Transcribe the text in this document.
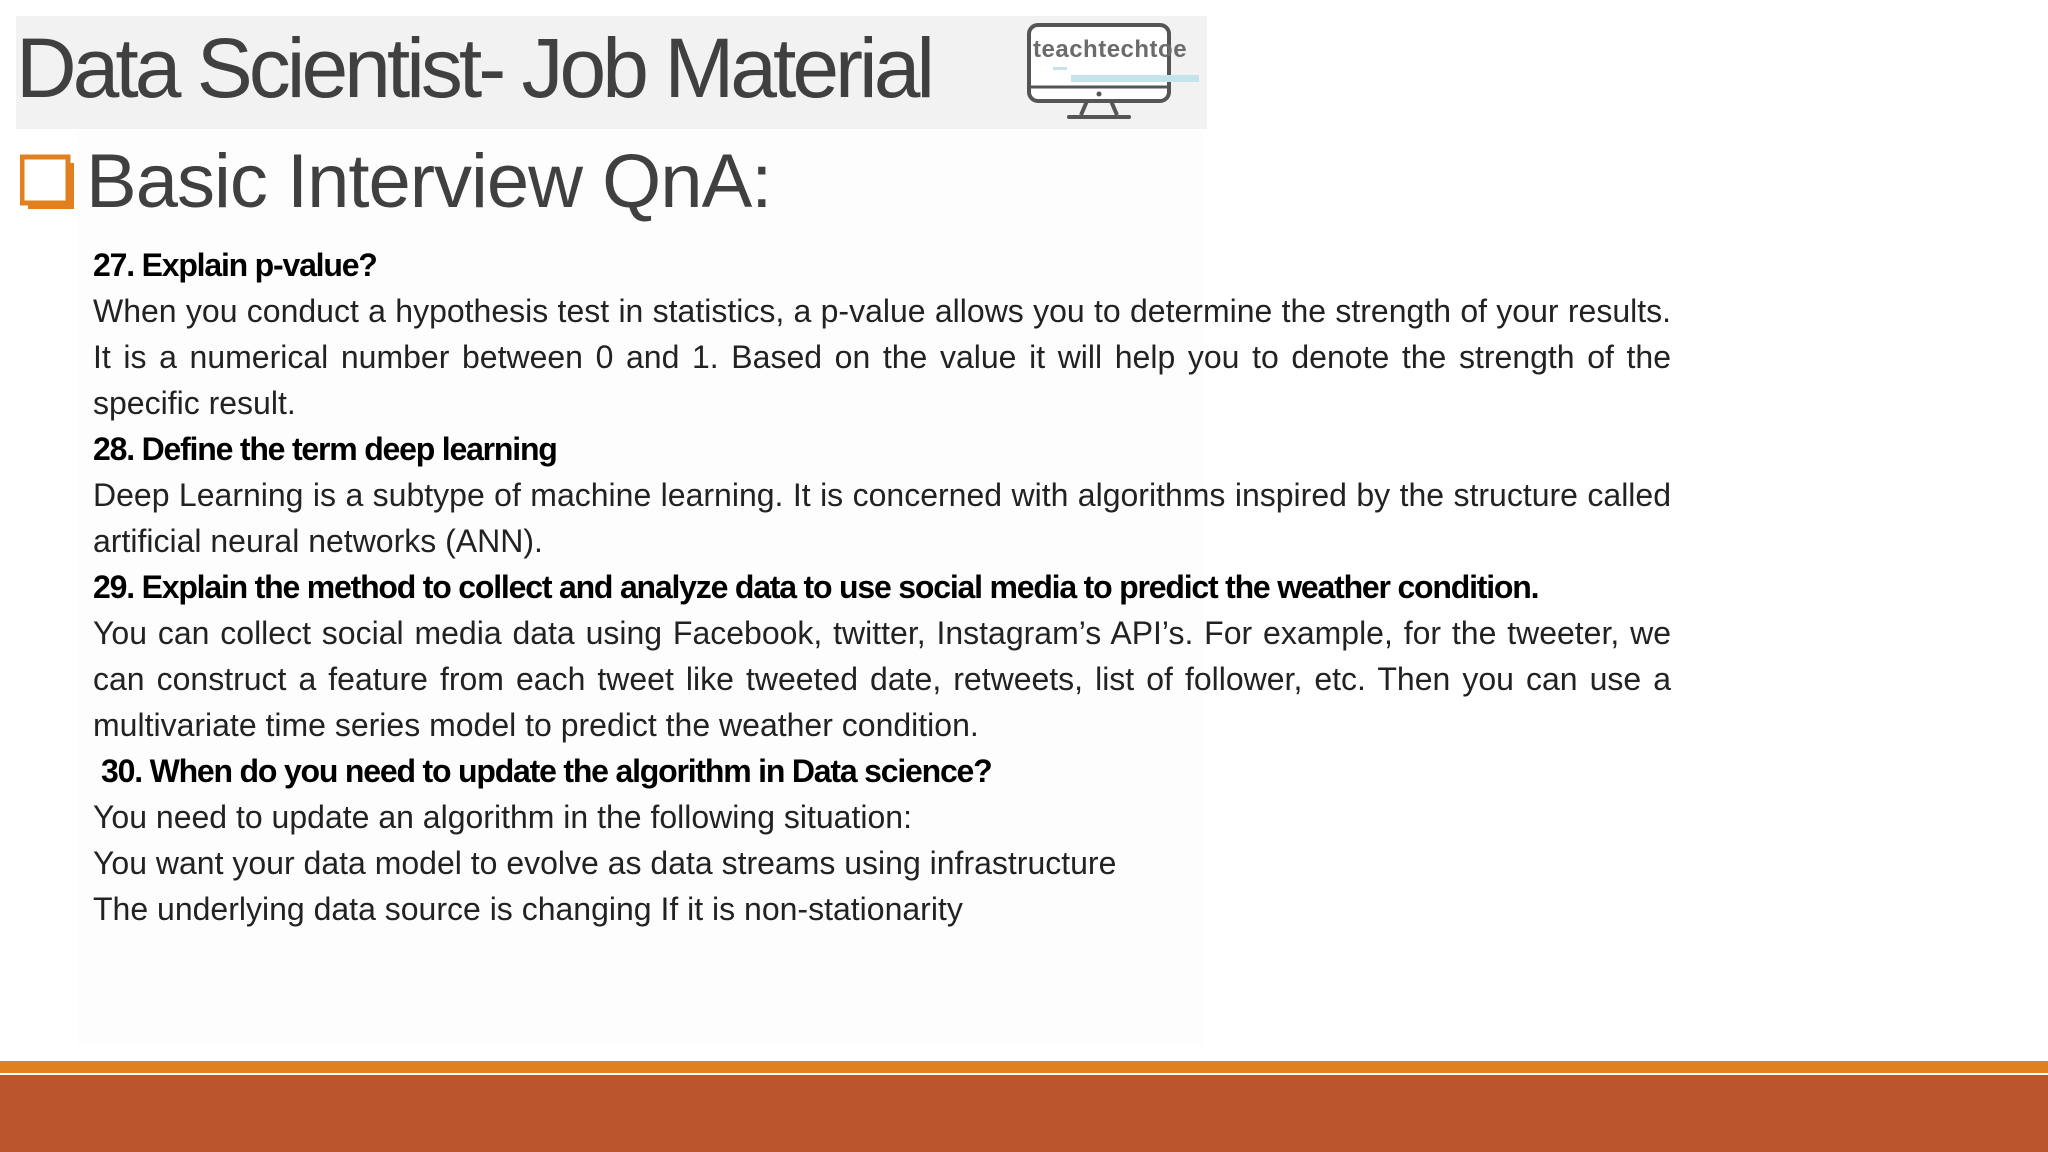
Data Scientist- Job Material	teachtechtoe

Basic Interview QnA:

27. Explain p-value?

When you conduct a hypothesis test in statistics, a p-value allows you to determine the strength of your results. It is a numerical number between 0 and 1. Based on the value it will help you to denote the strength of the specific result.

28. Define the term deep learning

Deep Learning is a subtype of machine learning. It is concerned with algorithms inspired by the structure called artificial neural networks (ANN).

29. Explain the method to collect and analyze data to use social media to predict the weather condition.

You can collect social media data using Facebook, twitter, Instagram’s API’s. For example, for the tweeter, we can construct a feature from each tweet like tweeted date, retweets, list of follower, etc. Then you can use a multivariate time series model to predict the weather condition.

30. When do you need to update the algorithm in Data science?

You need to update an algorithm in the following situation:

You want your data model to evolve as data streams using infrastructure

The underlying data source is changing If it is non-stationarity
